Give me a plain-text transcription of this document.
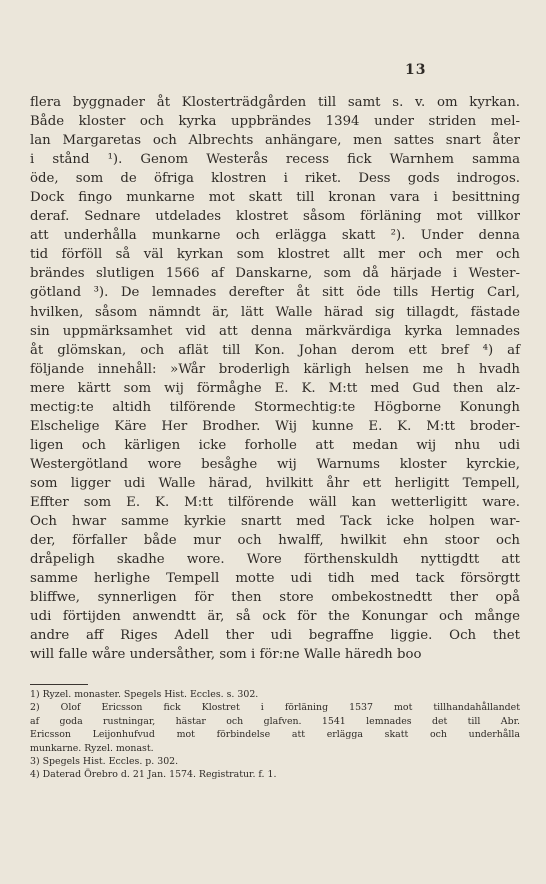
13
flera byggnader åt Klosterträdgården till samt s. v. om kyrkan.
Både kloster och kyrka uppbrändes 1394 under striden mel-
lan Margaretas och Albrechts anhängare, men sattes snart åter
i stånd ¹). Genom Westerås recess fick Warnhem samma
öde, som de öfriga klostren i riket. Dess gods indrogos.
Dock fingo munkarne mot skatt till kronan vara i besittning
deraf. Sednare utdelades klostret såsom förläning mot villkor
att underhålla munkarne och erlägga skatt ²). Under denna
tid förföll så väl kyrkan som klostret allt mer och mer och
brändes slutligen 1566 af Danskarne, som då härjade i Wester-
götland ³). De lemnades derefter åt sitt öde tills Hertig Carl,
hvilken, såsom nämndt är, lätt Walle härad sig tillagdt, fästade
sin uppmärksamhet vid att denna märkvärdiga kyrka lemnades
åt glömskan, och aflät till Kon. Johan derom ett bref ⁴) af
följande innehåll: »Wår broderligh kärligh helsen me h hvadh
mere kärtt som wij förmåghe E. K. M:tt med Gud then alz-
mectig:te altidh tilförende Stormechtig:te Högborne Konungh
Elschelige Käre Her Brodher. Wij kunne E. K. M:tt broder-
ligen och kärligen icke forholle att medan wij nhu udi
Westergötland wore besåghe wij Warnums kloster kyrckie,
som ligger udi Walle härad, hvilkitt åhr ett herligitt Tempell,
Effter som E. K. M:tt tilförende wäll kan wetterligitt ware.
Och hwar samme kyrkie snartt med Tack icke holpen war-
der, förfaller både mur och hwalff, hwilkit ehn stoor och
dråpeligh skadhe wore. Wore förthenskuldh nyttigdtt att
samme herlighe Tempell motte udi tidh med tack försörgtt
bliffwe, synnerligen för then store ombekostnedtt ther opå
udi förtijden anwendtt är, så ock för the Konungar och månge
andre aff Riges Adell ther udi begraffne liggie. Och thet
will falle wåre undersåther, som i för:ne Walle häredh boo
1) Ryzel. monaster. Spegels Hist. Eccles. s. 302.
2) Olof Ericsson fick Klostret i förläning 1537 mot tillhandahållandet
af goda rustningar, hästar och glafven. 1541 lemnades det till Abr.
Ericsson Leijonhufvud mot förbindelse att erlägga skatt och underhålla
munkarne. Ryzel. monast.
3) Spegels Hist. Eccles. p. 302.
4) Daterad Örebro d. 21 Jan. 1574. Registratur. f. 1.
